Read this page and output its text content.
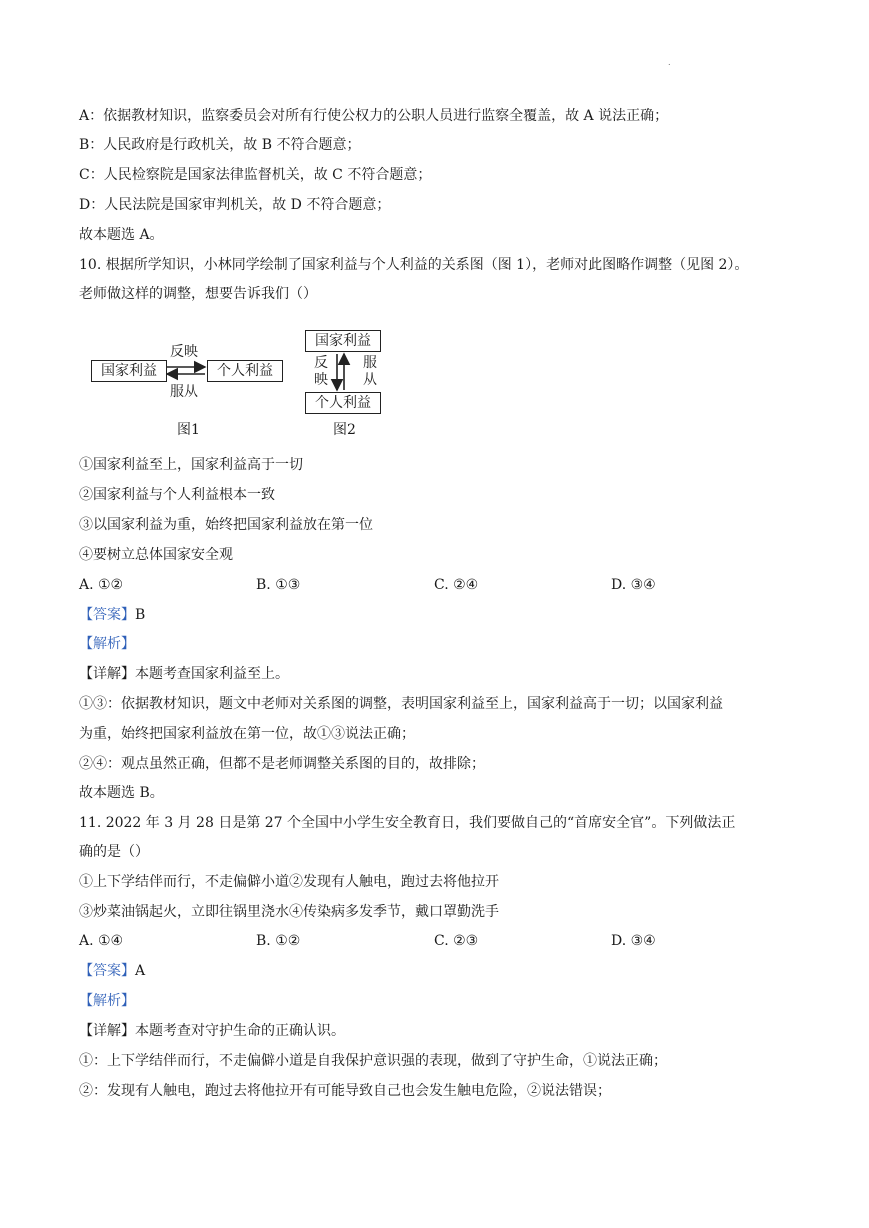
.
A：依据教材知识，监察委员会对所有行使公权力的公职人员进行监察全覆盖，故 A 说法正确；
B：人民政府是行政机关，故 B 不符合题意；
C：人民检察院是国家法律监督机关，故 C 不符合题意；
D：人民法院是国家审判机关，故 D 不符合题意；
故本题选 A。
10. 根据所学知识，小林同学绘制了国家利益与个人利益的关系图（图 1），老师对此图略作调整（见图 2）。
老师做这样的调整，想要告诉我们（）
国家利益	个人利益
反映
服从
图1
国家利益
个人利益
反映
服从
图2
①国家利益至上，国家利益高于一切
②国家利益与个人利益根本一致
③以国家利益为重，始终把国家利益放在第一位
④要树立总体国家安全观
A. ①②	B. ①③	C. ②④	D. ③④
【答案】B
【解析】
【详解】本题考查国家利益至上。
①③：依据教材知识，题文中老师对关系图的调整，表明国家利益至上，国家利益高于一切；以国家利益
为重，始终把国家利益放在第一位，故①③说法正确；
②④：观点虽然正确，但都不是老师调整关系图的目的，故排除；
故本题选 B。
11. 2022 年 3 月 28 日是第 27 个全国中小学生安全教育日，我们要做自己的“首席安全官”。下列做法正
确的是（）
①上下学结伴而行，不走偏僻小道②发现有人触电，跑过去将他拉开
③炒菜油锅起火，立即往锅里浇水④传染病多发季节，戴口罩勤洗手
A. ①④	B. ①②	C. ②③	D. ③④
【答案】A
【解析】
【详解】本题考查对守护生命的正确认识。
①：上下学结伴而行，不走偏僻小道是自我保护意识强的表现，做到了守护生命，①说法正确；
②：发现有人触电，跑过去将他拉开有可能导致自己也会发生触电危险，②说法错误；
